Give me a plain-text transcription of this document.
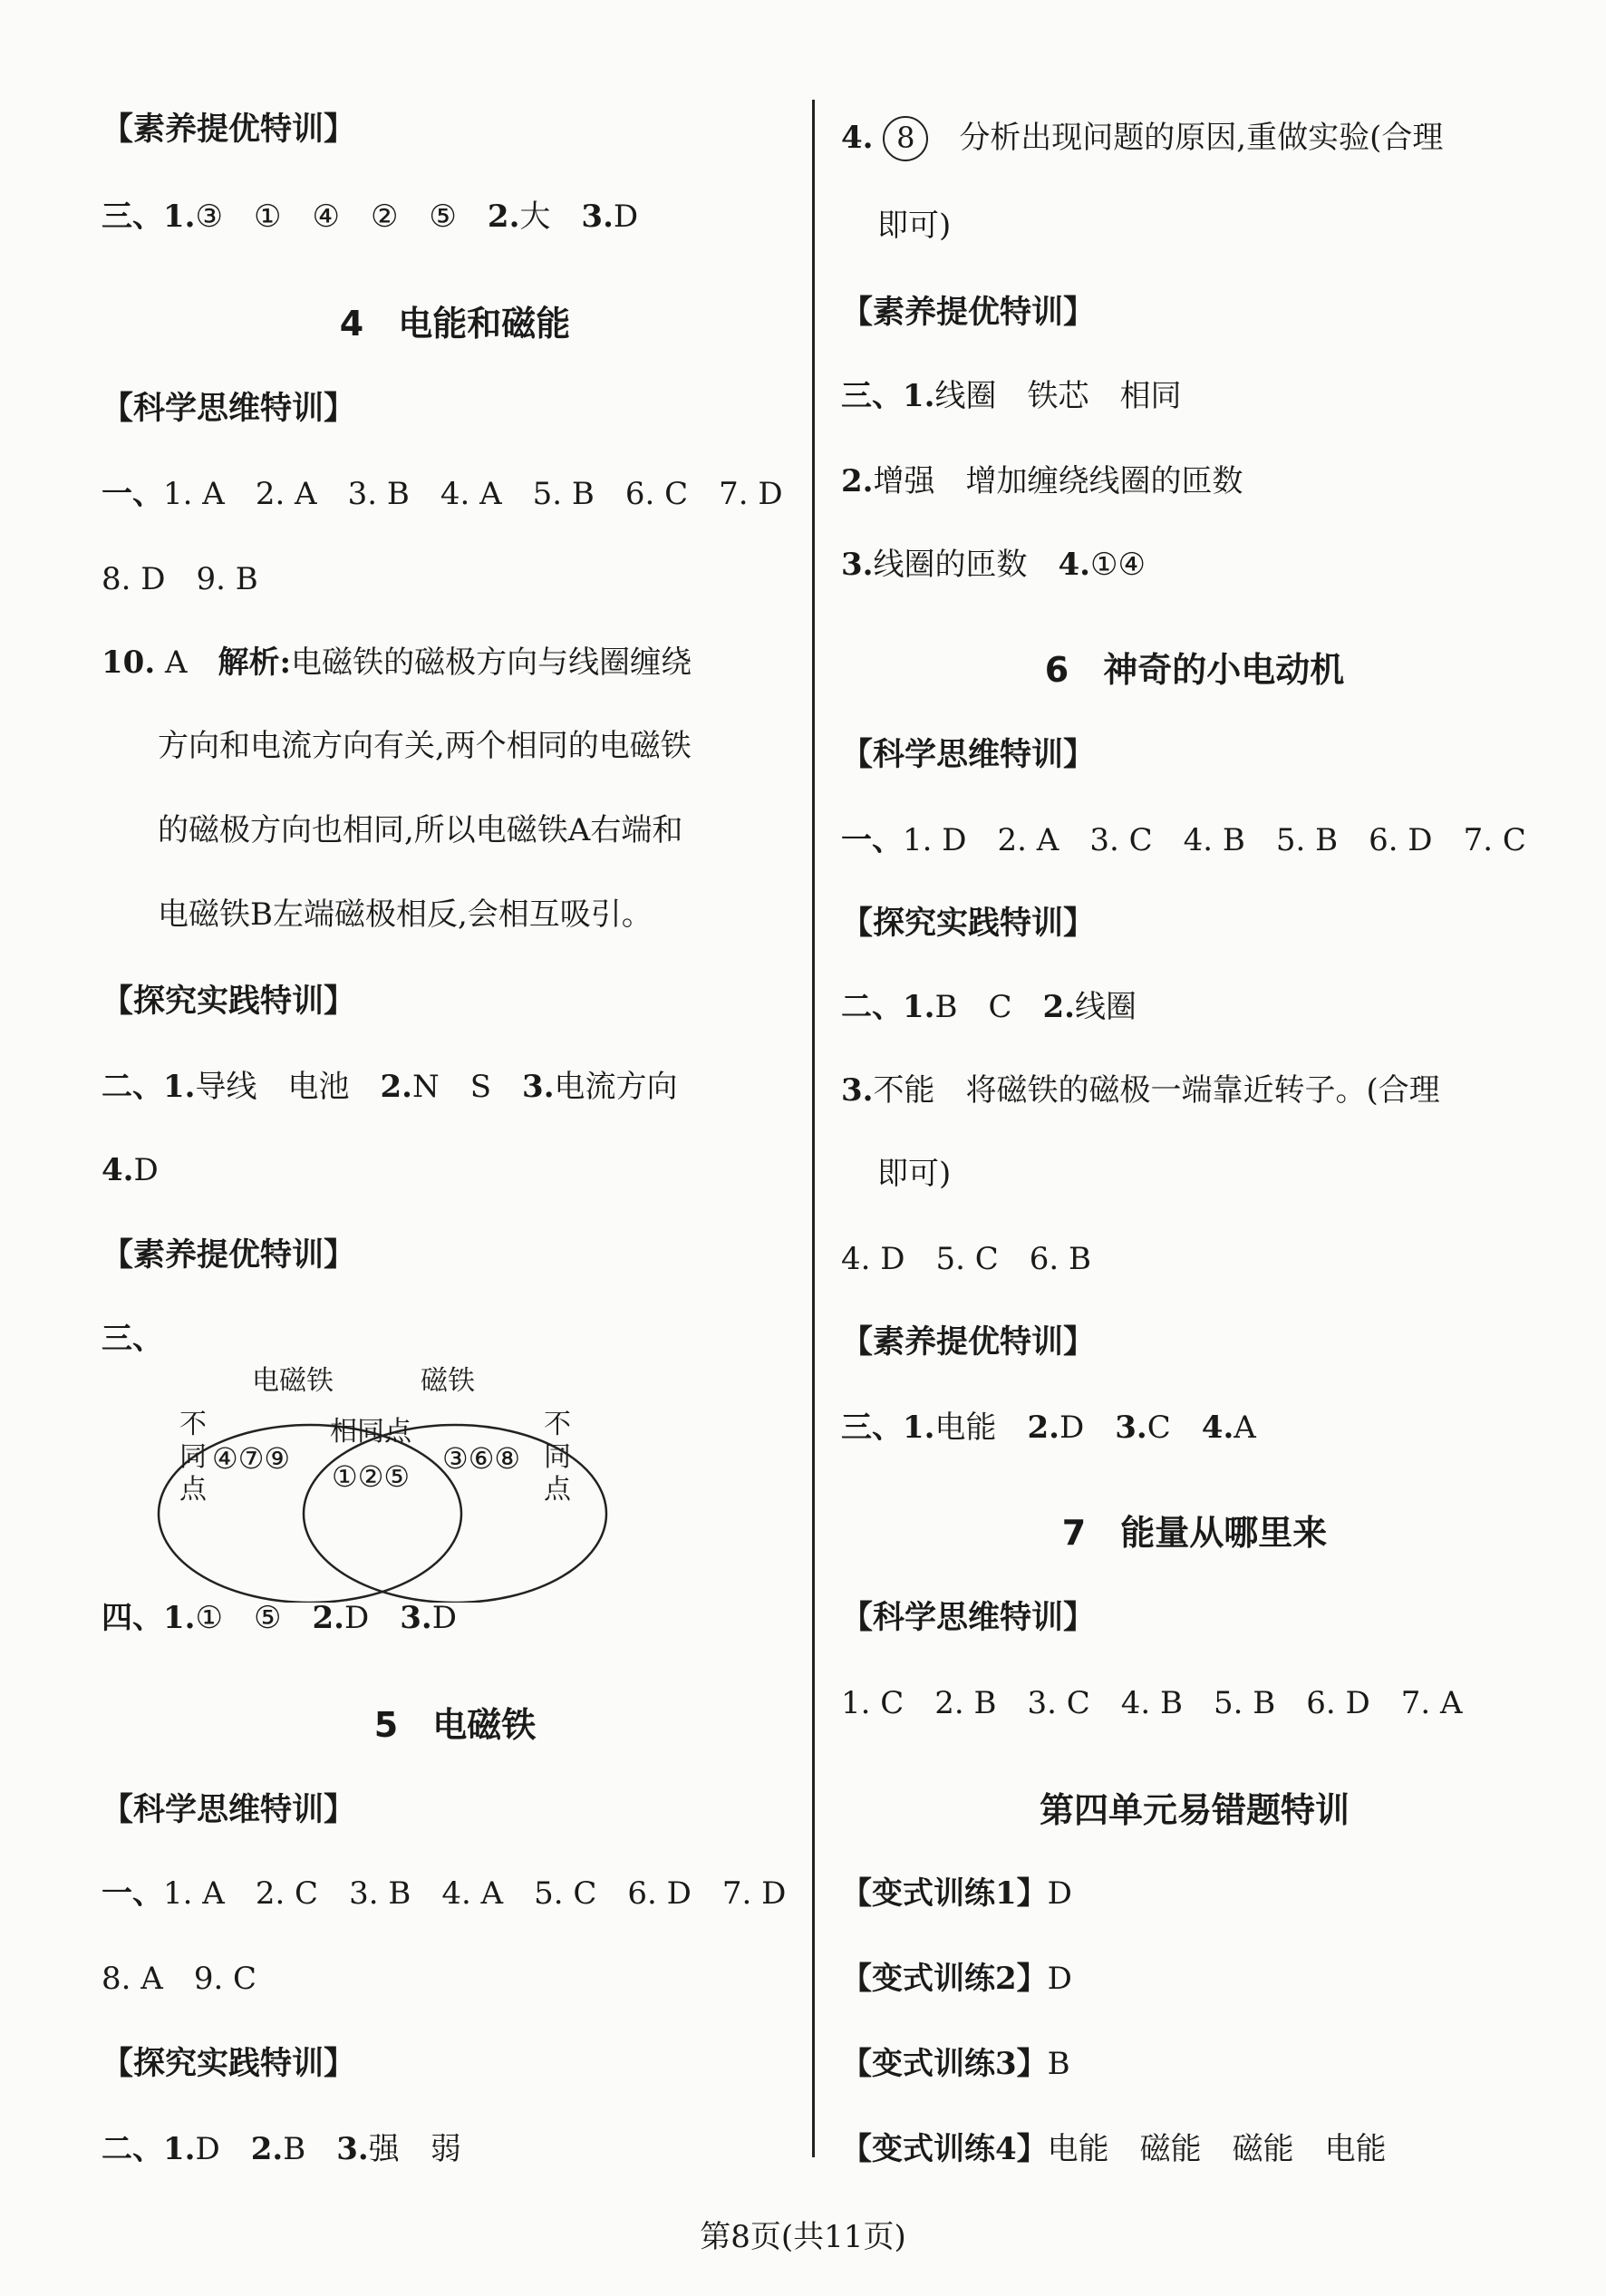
【素养提优特训】
三、1.③　①　④　②　⑤　 2.大　 3.D
4　电能和磁能
【科学思维特训】
一、1. A　 2. A　 3. B　 4. A　 5. B　 6. C　 7. D
8. D　 9. B
10. A　 解析:电磁铁的磁极方向与线圈缠绕
方向和电流方向有关,两个相同的电磁铁
的磁极方向也相同,所以电磁铁A右端和
电磁铁B左端磁极相反,会相互吸引。
【探究实践特训】
二、1.导线　电池　 2.N　S　 3.电流方向
4.D
【素养提优特训】
三、
电磁铁	磁铁
不
同
点
④⑦⑨
相同点
①②⑤
③⑥⑧
不
同
点
四、1.①　⑤　 2.D　 3.D
5　电磁铁
【科学思维特训】
一、1. A　 2. C　 3. B　 4. A　 5. C　 6. D　 7. D
8. A　 9. C
【探究实践特训】
二、1.D　 2.B　 3.强　弱
4. 8　 分析出现问题的原因,重做实验(合理
即可)
【素养提优特训】
三、1.线圈　铁芯　相同
2.增强　增加缠绕线圈的匝数
3.线圈的匝数　 4.①④
6　神奇的小电动机
【科学思维特训】
一、1. D　 2. A　 3. C　 4. B　 5. B　 6. D　 7. C
【探究实践特训】
二、1.B　C　 2.线圈
3.不能　将磁铁的磁极一端靠近转子。(合理
即可)
4. D　 5. C　 6. B
【素养提优特训】
三、1.电能　 2.D　 3.C　 4.A
7　能量从哪里来
【科学思维特训】
1. C　 2. B　 3. C　 4. B　 5. B　 6. D　 7. A
第四单元易错题特训
【变式训练1】D
【变式训练2】D
【变式训练3】B
【变式训练4】电能　磁能　磁能　电能
第8页(共11页)
